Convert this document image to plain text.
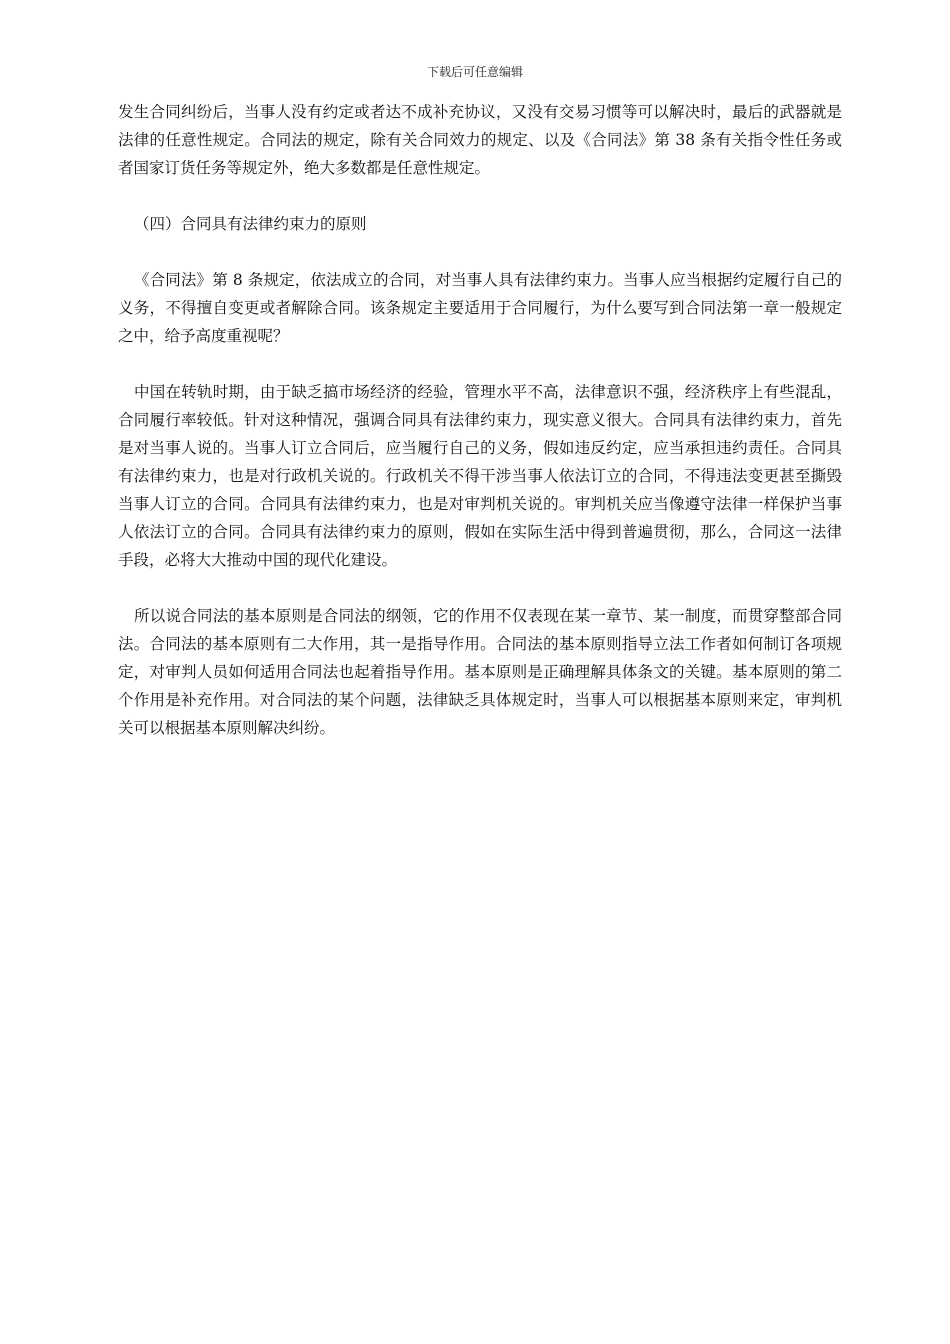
下载后可任意编辑

发生合同纠纷后，当事人没有约定或者达不成补充协议，又没有交易习惯等可以解决时，最后的武器就是法律的任意性规定。合同法的规定，除有关合同效力的规定、以及《合同法》第 38 条有关指令性任务或者国家订货任务等规定外，绝大多数都是任意性规定。

（四）合同具有法律约束力的原则

《合同法》第 8 条规定，依法成立的合同，对当事人具有法律约束力。当事人应当根据约定履行自己的义务，不得擅自变更或者解除合同。该条规定主要适用于合同履行，为什么要写到合同法第一章一般规定之中，给予高度重视呢？

中国在转轨时期，由于缺乏搞市场经济的经验，管理水平不高，法律意识不强，经济秩序上有些混乱，合同履行率较低。针对这种情况，强调合同具有法律约束力，现实意义很大。合同具有法律约束力，首先是对当事人说的。当事人订立合同后，应当履行自己的义务，假如违反约定，应当承担违约责任。合同具有法律约束力，也是对行政机关说的。行政机关不得干涉当事人依法订立的合同，不得违法变更甚至撕毁当事人订立的合同。合同具有法律约束力，也是对审判机关说的。审判机关应当像遵守法律一样保护当事人依法订立的合同。合同具有法律约束力的原则，假如在实际生活中得到普遍贯彻，那么，合同这一法律手段，必将大大推动中国的现代化建设。

所以说合同法的基本原则是合同法的纲领，它的作用不仅表现在某一章节、某一制度，而贯穿整部合同法。合同法的基本原则有二大作用，其一是指导作用。合同法的基本原则指导立法工作者如何制订各项规定，对审判人员如何适用合同法也起着指导作用。基本原则是正确理解具体条文的关键。基本原则的第二个作用是补充作用。对合同法的某个问题，法律缺乏具体规定时，当事人可以根据基本原则来定，审判机关可以根据基本原则解决纠纷。
